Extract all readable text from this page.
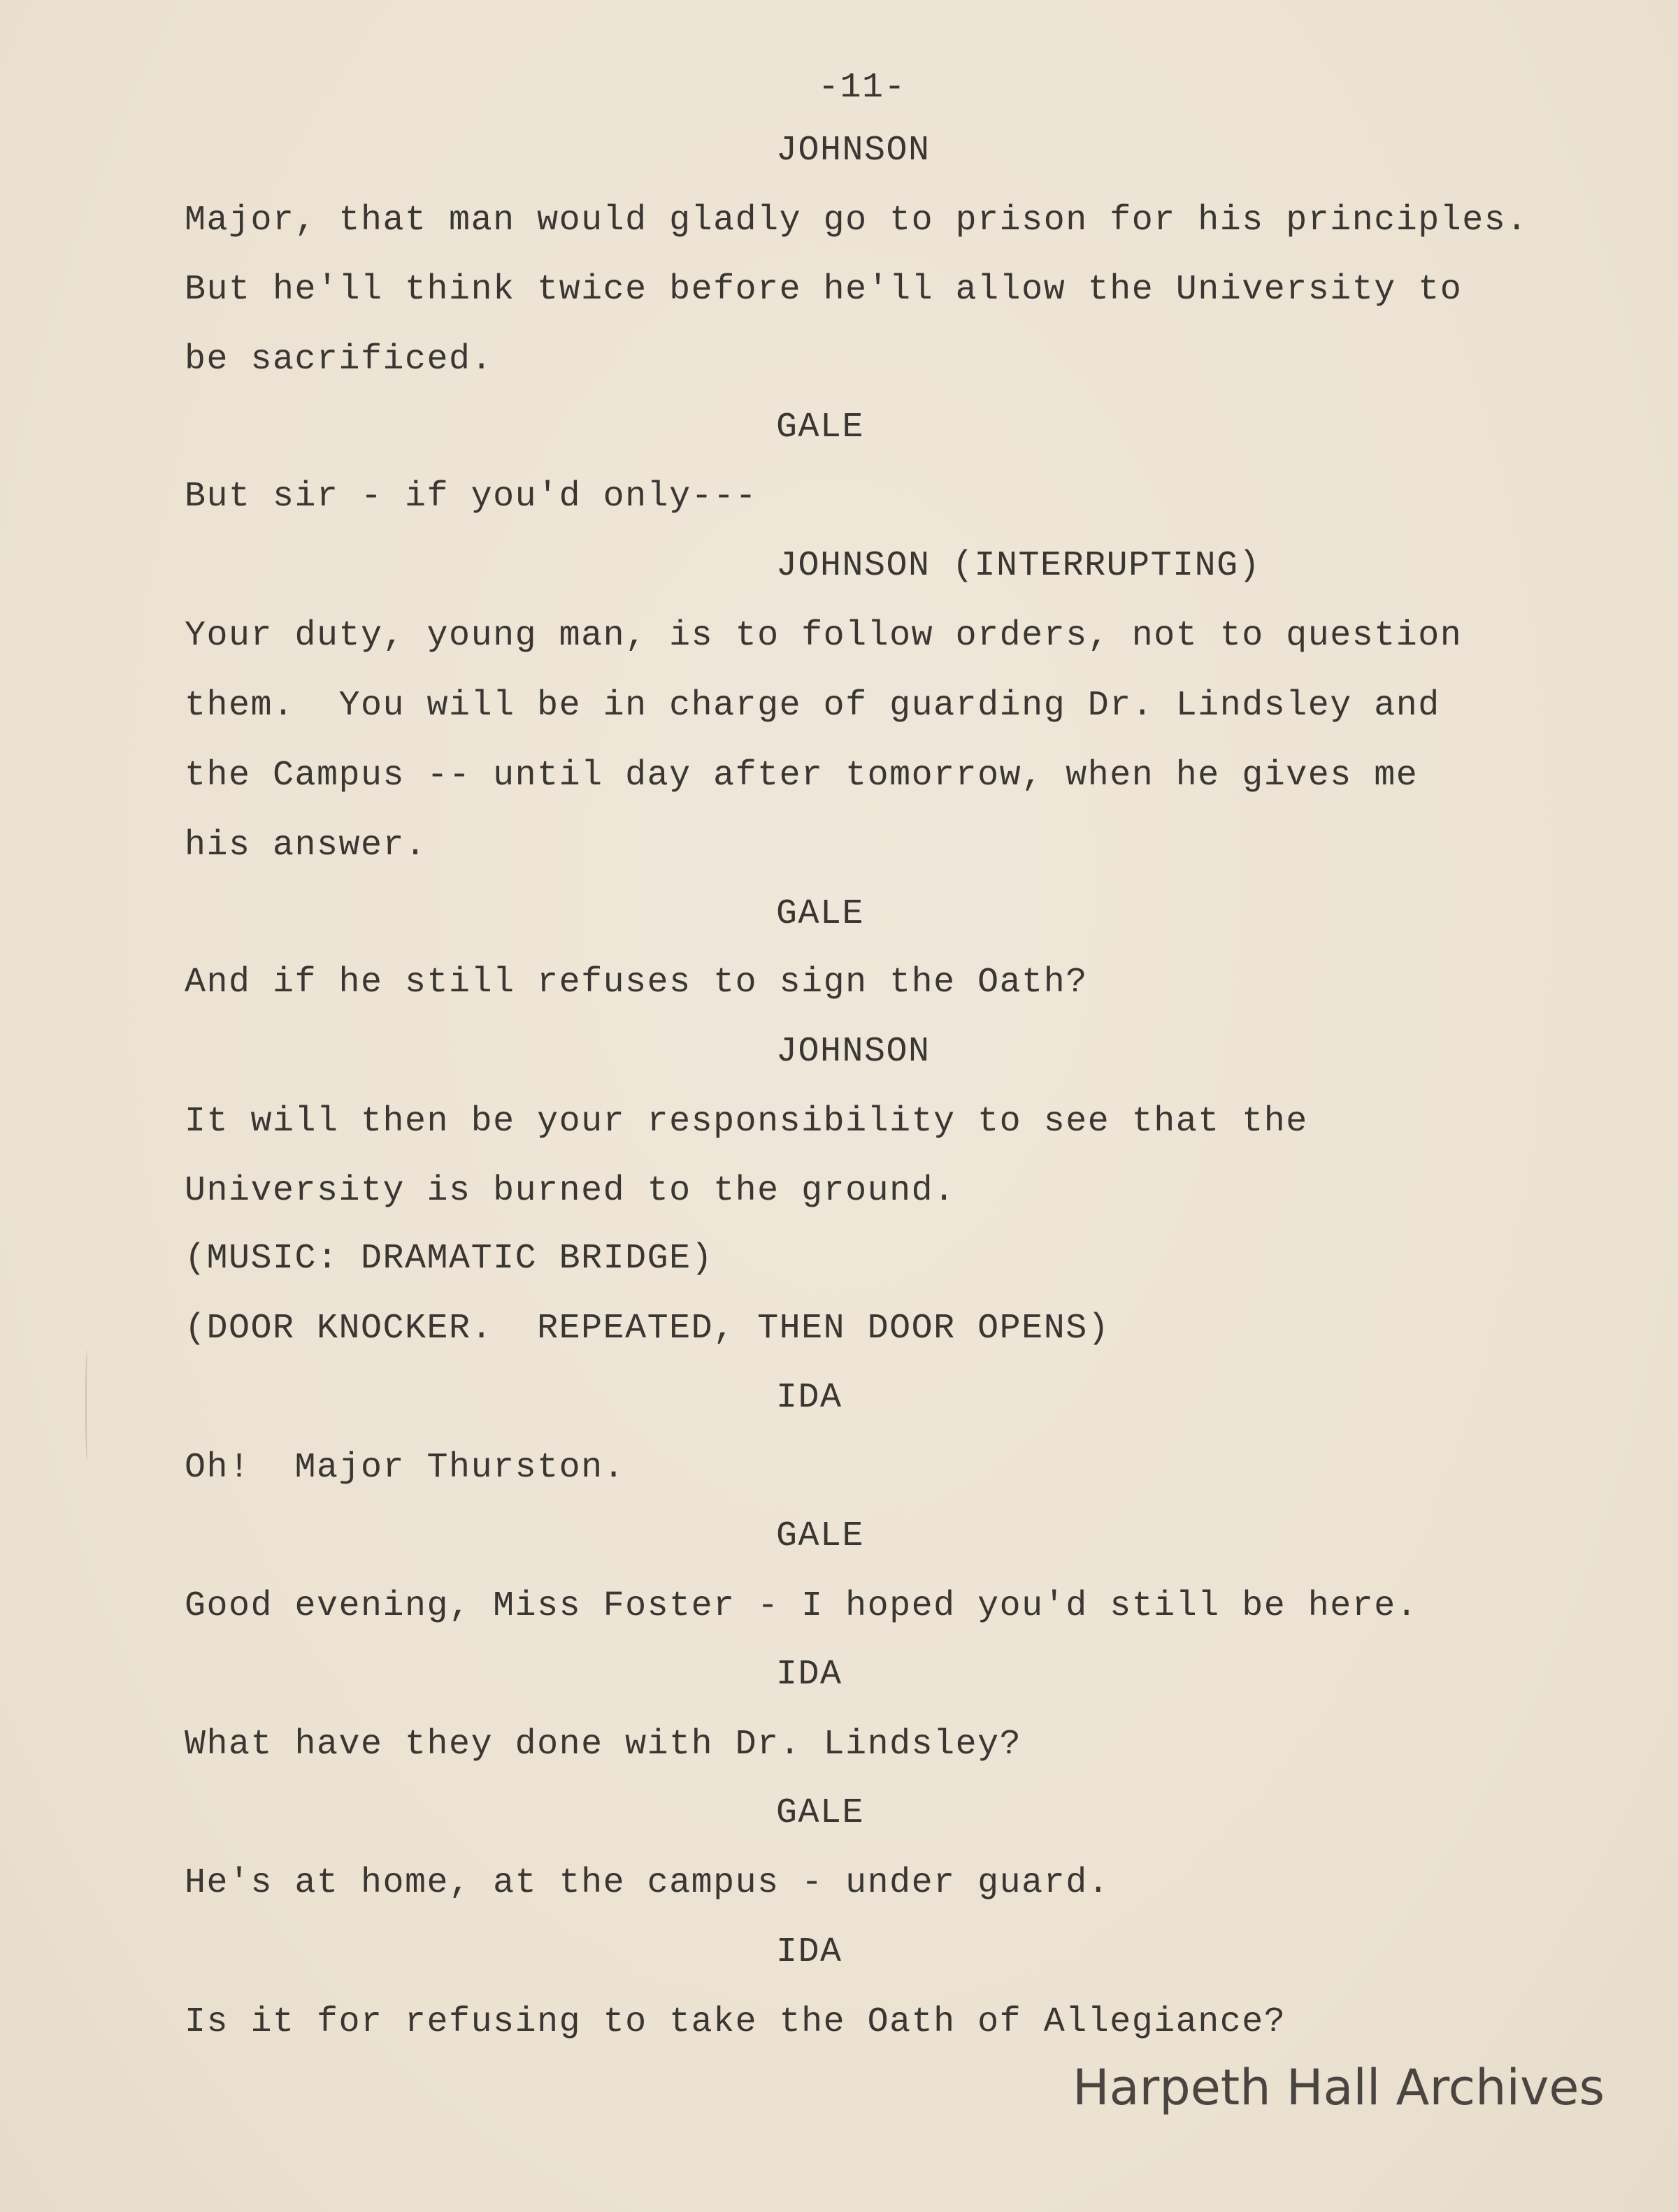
-11-
JOHNSON
Major, that man would gladly go to prison for his principles.
But he'll think twice before he'll allow the University to
be sacrificed.
GALE
But sir - if you'd only---
JOHNSON (INTERRUPTING)
Your duty, young man, is to follow orders, not to question
them.  You will be in charge of guarding Dr. Lindsley and
the Campus -- until day after tomorrow, when he gives me
his answer.
GALE
And if he still refuses to sign the Oath?
JOHNSON
It will then be your responsibility to see that the
University is burned to the ground.
(MUSIC: DRAMATIC BRIDGE)
(DOOR KNOCKER.  REPEATED, THEN DOOR OPENS)
IDA
Oh!  Major Thurston.
GALE
Good evening, Miss Foster - I hoped you'd still be here.
IDA
What have they done with Dr. Lindsley?
GALE
He's at home, at the campus - under guard.
IDA
Is it for refusing to take the Oath of Allegiance?
Harpeth Hall Archives
